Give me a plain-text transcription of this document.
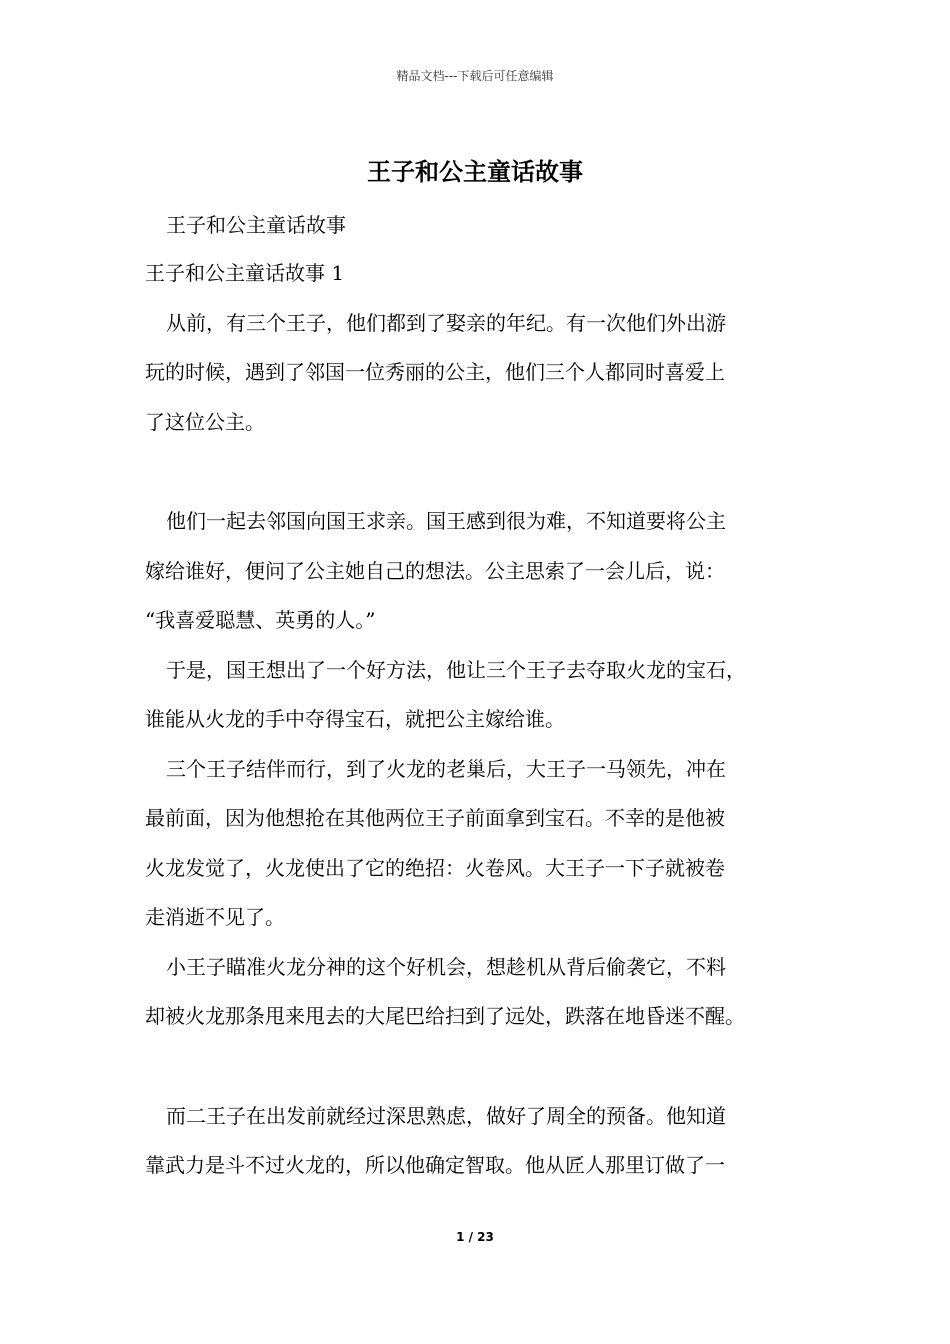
精品文档---下载后可任意编辑
王子和公主童话故事
王子和公主童话故事
王子和公主童话故事 1
从前，有三个王子，他们都到了娶亲的年纪。有一次他们外出游
玩的时候，遇到了邻国一位秀丽的公主，他们三个人都同时喜爱上
了这位公主。
他们一起去邻国向国王求亲。国王感到很为难，不知道要将公主
嫁给谁好，便问了公主她自己的想法。公主思索了一会儿后，说：
“我喜爱聪慧、英勇的人。”
于是，国王想出了一个好方法，他让三个王子去夺取火龙的宝石，
谁能从火龙的手中夺得宝石，就把公主嫁给谁。
三个王子结伴而行，到了火龙的老巢后，大王子一马领先，冲在
最前面，因为他想抢在其他两位王子前面拿到宝石。不幸的是他被
火龙发觉了，火龙使出了它的绝招：火卷风。大王子一下子就被卷
走消逝不见了。
小王子瞄准火龙分神的这个好机会，想趁机从背后偷袭它，不料
却被火龙那条甩来甩去的大尾巴给扫到了远处，跌落在地昏迷不醒。
而二王子在出发前就经过深思熟虑，做好了周全的预备。他知道
靠武力是斗不过火龙的，所以他确定智取。他从匠人那里订做了一
1 / 23
